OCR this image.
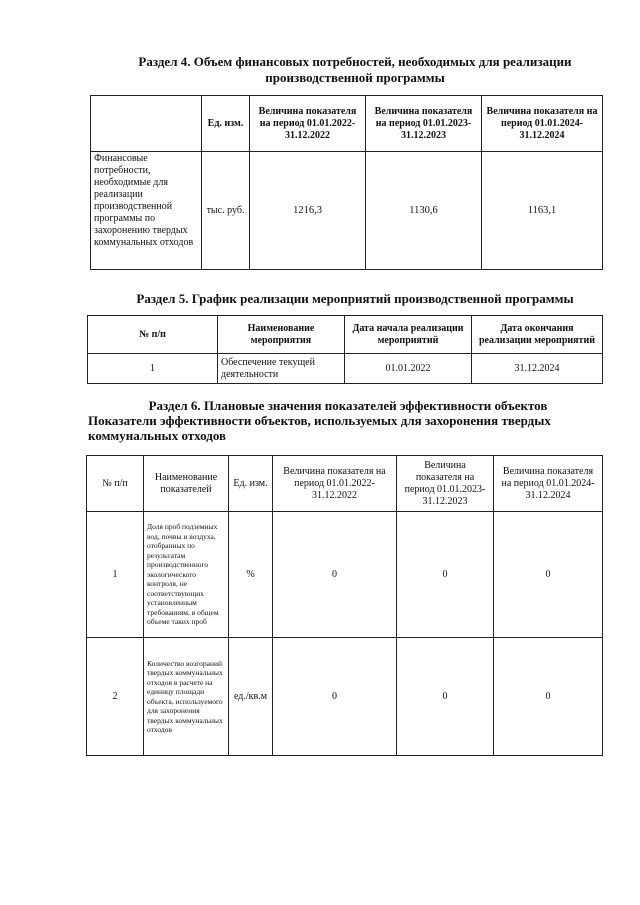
Раздел 4. Объем финансовых потребностей, необходимых для реализации
производственной программы
	Ед. изм.	Величина показателя на период 01.01.2022-31.12.2022	Величина показателя на период 01.01.2023-31.12.2023	Величина показателя на период 01.01.2024-31.12.2024
Финансовые потребности, необходимые для реализации производственной программы по захоронению твердых коммунальных отходов	тыс. руб.	1216,3	1130,6	1163,1
Раздел 5. График реализации мероприятий производственной программы
№ п/п	Наименование мероприятия	Дата начала реализации мероприятий	Дата окончания реализации мероприятий
1	Обеспечение текущей деятельности	01.01.2022	31.12.2024
Раздел 6. Плановые значения показателей эффективности объектов
Показатели эффективности объектов, используемых для захоронения твердых
коммунальных отходов
№ п/п	Наименование показателей	Ед. изм.	Величина показателя на период 01.01.2022-31.12.2022	Величина показателя на период 01.01.2023-31.12.2023	Величина показателя на период 01.01.2024-31.12.2024
1	Доля проб подземных вод, почвы и воздуха, отобранных по результатам производственного экологического контроля, не соответствующих установленным требованиям, в общем объеме таких проб	%	0	0	0
2	Количество возгораний твердых коммунальных отходов в расчете на единицу площади объекта, используемого для захоронения твердых коммунальных отходов	ед./кв.м	0	0	0
